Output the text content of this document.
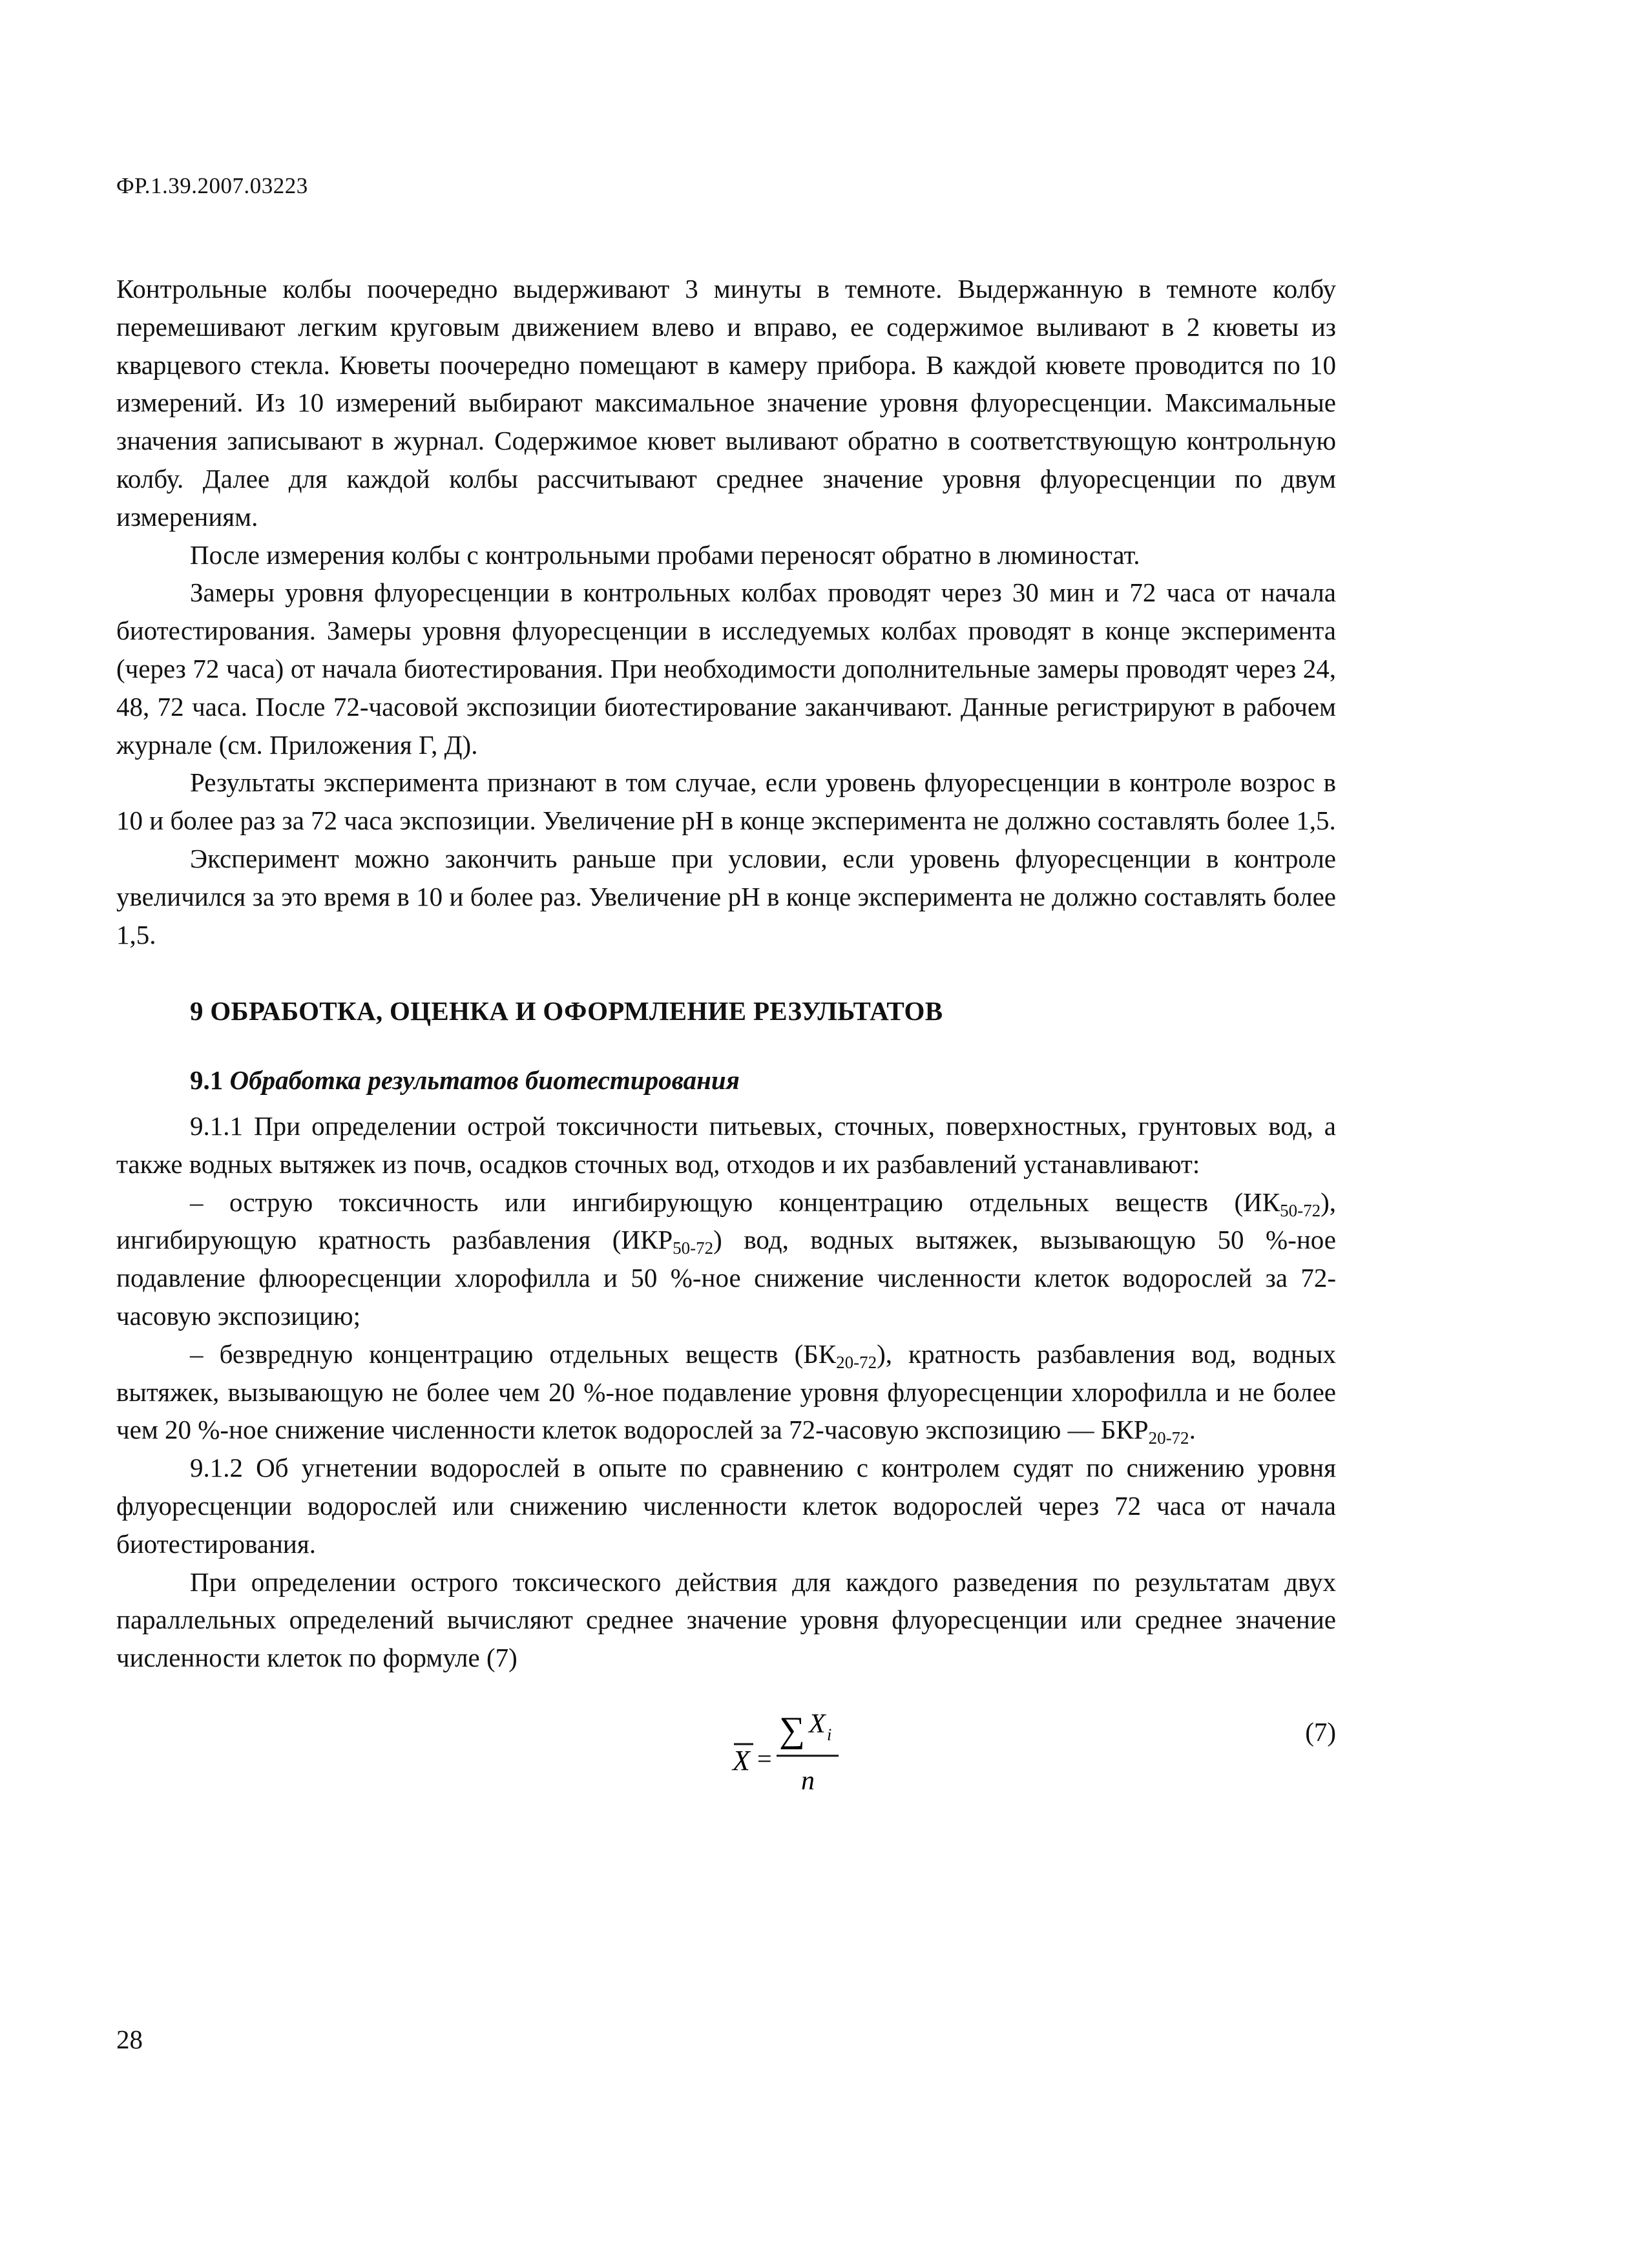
ФР.1.39.2007.03223

Контрольные колбы поочередно выдерживают 3 минуты в темноте. Выдержанную в темноте колбу перемешивают легким круговым движением влево и вправо, ее содержимое выливают в 2 кюветы из кварцевого стекла. Кюветы поочередно помещают в камеру прибора. В каждой кювете проводится по 10 измерений. Из 10 измерений выбирают максимальное значение уровня флуоресценции. Максимальные значения записывают в журнал. Содержимое кювет выливают обратно в соответствующую контрольную колбу. Далее для каждой колбы рассчитывают среднее значение уровня флуоресценции по двум измерениям.

После измерения колбы с контрольными пробами переносят обратно в люминостат.

Замеры уровня флуоресценции в контрольных колбах проводят через 30 мин и 72 часа от начала биотестирования. Замеры уровня флуоресценции в исследуемых колбах проводят в конце эксперимента (через 72 часа) от начала биотестирования. При необходимости дополнительные замеры проводят через 24, 48, 72 часа. После 72-часовой экспозиции биотестирование заканчивают. Данные регистрируют в рабочем журнале (см. Приложения Г, Д).

Результаты эксперимента признают в том случае, если уровень флуоресценции в контроле возрос в 10 и более раз за 72 часа экспозиции. Увеличение pH в конце эксперимента не должно составлять более 1,5.

Эксперимент можно закончить раньше при условии, если уровень флуоресценции в контроле увеличился за это время в 10 и более раз. Увеличение pH в конце эксперимента не должно составлять более 1,5.

9 ОБРАБОТКА, ОЦЕНКА И ОФОРМЛЕНИЕ РЕЗУЛЬТАТОВ

9.1 Обработка результатов биотестирования

9.1.1 При определении острой токсичности питьевых, сточных, поверхностных, грунтовых вод, а также водных вытяжек из почв, осадков сточных вод, отходов и их разбавлений устанавливают:

– острую токсичность или ингибирующую концентрацию отдельных веществ $(ИК_{50-72})$, ингибирующую кратность разбавления $(ИКР_{50-72})$ вод, водных вытяжек, вызывающую 50 %-ное подавление флюоресценции хлорофилла и 50 %-ное снижение численности клеток водорослей за 72-часовую экспозицию;

– безвредную концентрацию отдельных веществ $(БК_{20-72})$, кратность разбавления вод, водных вытяжек, вызывающую не более чем 20 %-ное подавление уровня флуоресценции хлорофилла и не более чем 20 %-ное снижение численности клеток водорослей за 72-часовую экспозицию — $БКР_{20-72}$.

9.1.2 Об угнетении водорослей в опыте по сравнению с контролем судят по снижению уровня флуоресценции водорослей или снижению численности клеток водорослей через 72 часа от начала биотестирования.

При определении острого токсического действия для каждого разведения по результатам двух параллельных определений вычисляют среднее значение уровня флуоресценции или среднее значение численности клеток по формуле (7)

X =
∑ X i
n
(7)
28
